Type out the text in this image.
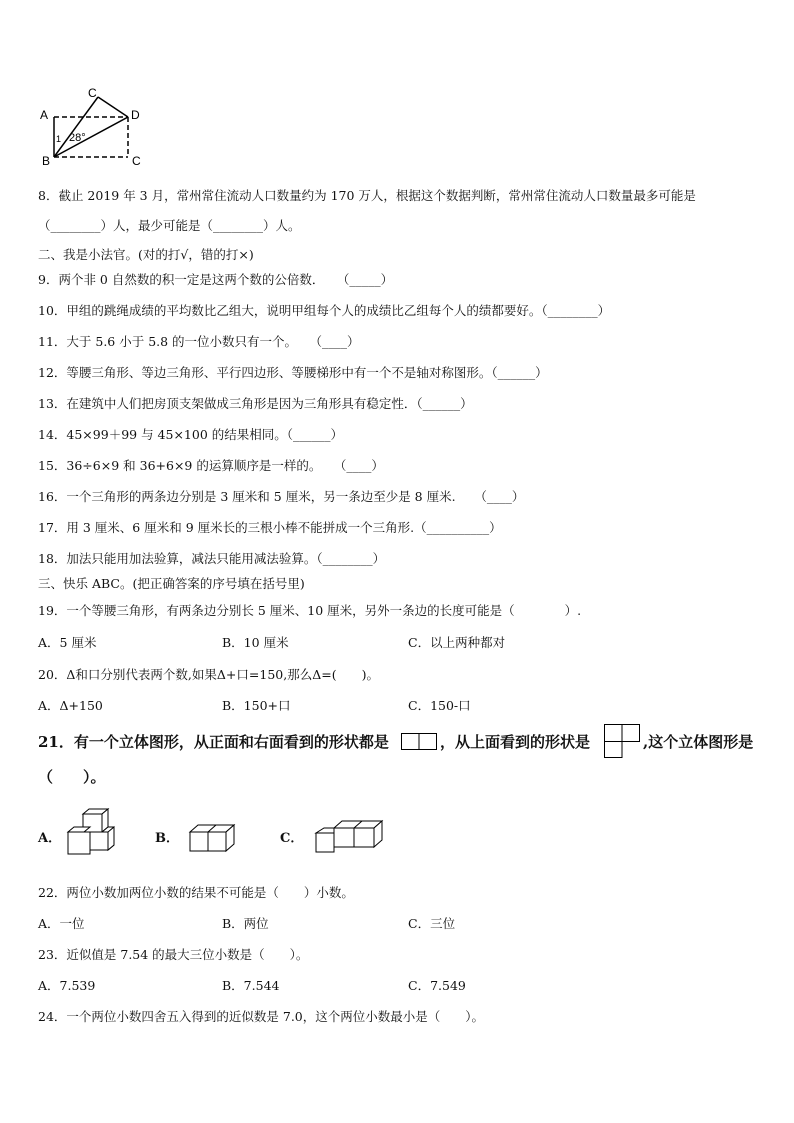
A
C
D
1 28°
B	C
8．截止 2019 年 3 月，常州常住流动人口数量约为 170 万人，根据这个数据判断，常州常住流动人口数量最多可能是
（________）人，最少可能是（________）人。
二、我是小法官。(对的打√，错的打×)
9．两个非 0 自然数的积一定是这两个数的公倍数．　　（_____）
10．甲组的跳绳成绩的平均数比乙组大，说明甲组每个人的成绩比乙组每个人的绩都要好。（________）
11．大于 5.6 小于 5.8 的一位小数只有一个。　　（____）
12．等腰三角形、等边三角形、平行四边形、等腰梯形中有一个不是轴对称图形。（______）
13．在建筑中人们把房顶支架做成三角形是因为三角形具有稳定性．（______）
14．45×99＋99 与 45×100 的结果相同。（______）
15．36÷6×9 和 36+6×9 的运算顺序是一样的。　　（____）
16．一个三角形的两条边分别是 3 厘米和 5 厘米，另一条边至少是 8 厘米.　　（____）
17．用 3 厘米、6 厘米和 9 厘米长的三根小棒不能拼成一个三角形.（__________）
18．加法只能用加法验算，减法只能用减法验算。（________）
三、快乐 ABC。(把正确答案的序号填在括号里)
19．一个等腰三角形，有两条边分别长 5 厘米、10 厘米，另外一条边的长度可能是（　　　　）.
A．5 厘米	B．10 厘米	C．以上两种都对
20．Δ和口分别代表两个数,如果Δ+口=150,那么Δ=(　　)。
A．Δ+150	B．150+口	C．150-口
21．有一个立体图形，从正面和右面看到的形状都是	，从上面看到的形状是	,这个立体图形是
（　　）。
A．	B．	C．
22．两位小数加两位小数的结果不可能是（　　）小数。
A．一位	B．两位	C．三位
23．近似值是 7.54 的最大三位小数是（　　）。
A．7.539	B．7.544	C．7.549
24．一个两位小数四舍五入得到的近似数是 7.0，这个两位小数最小是（　　）。
